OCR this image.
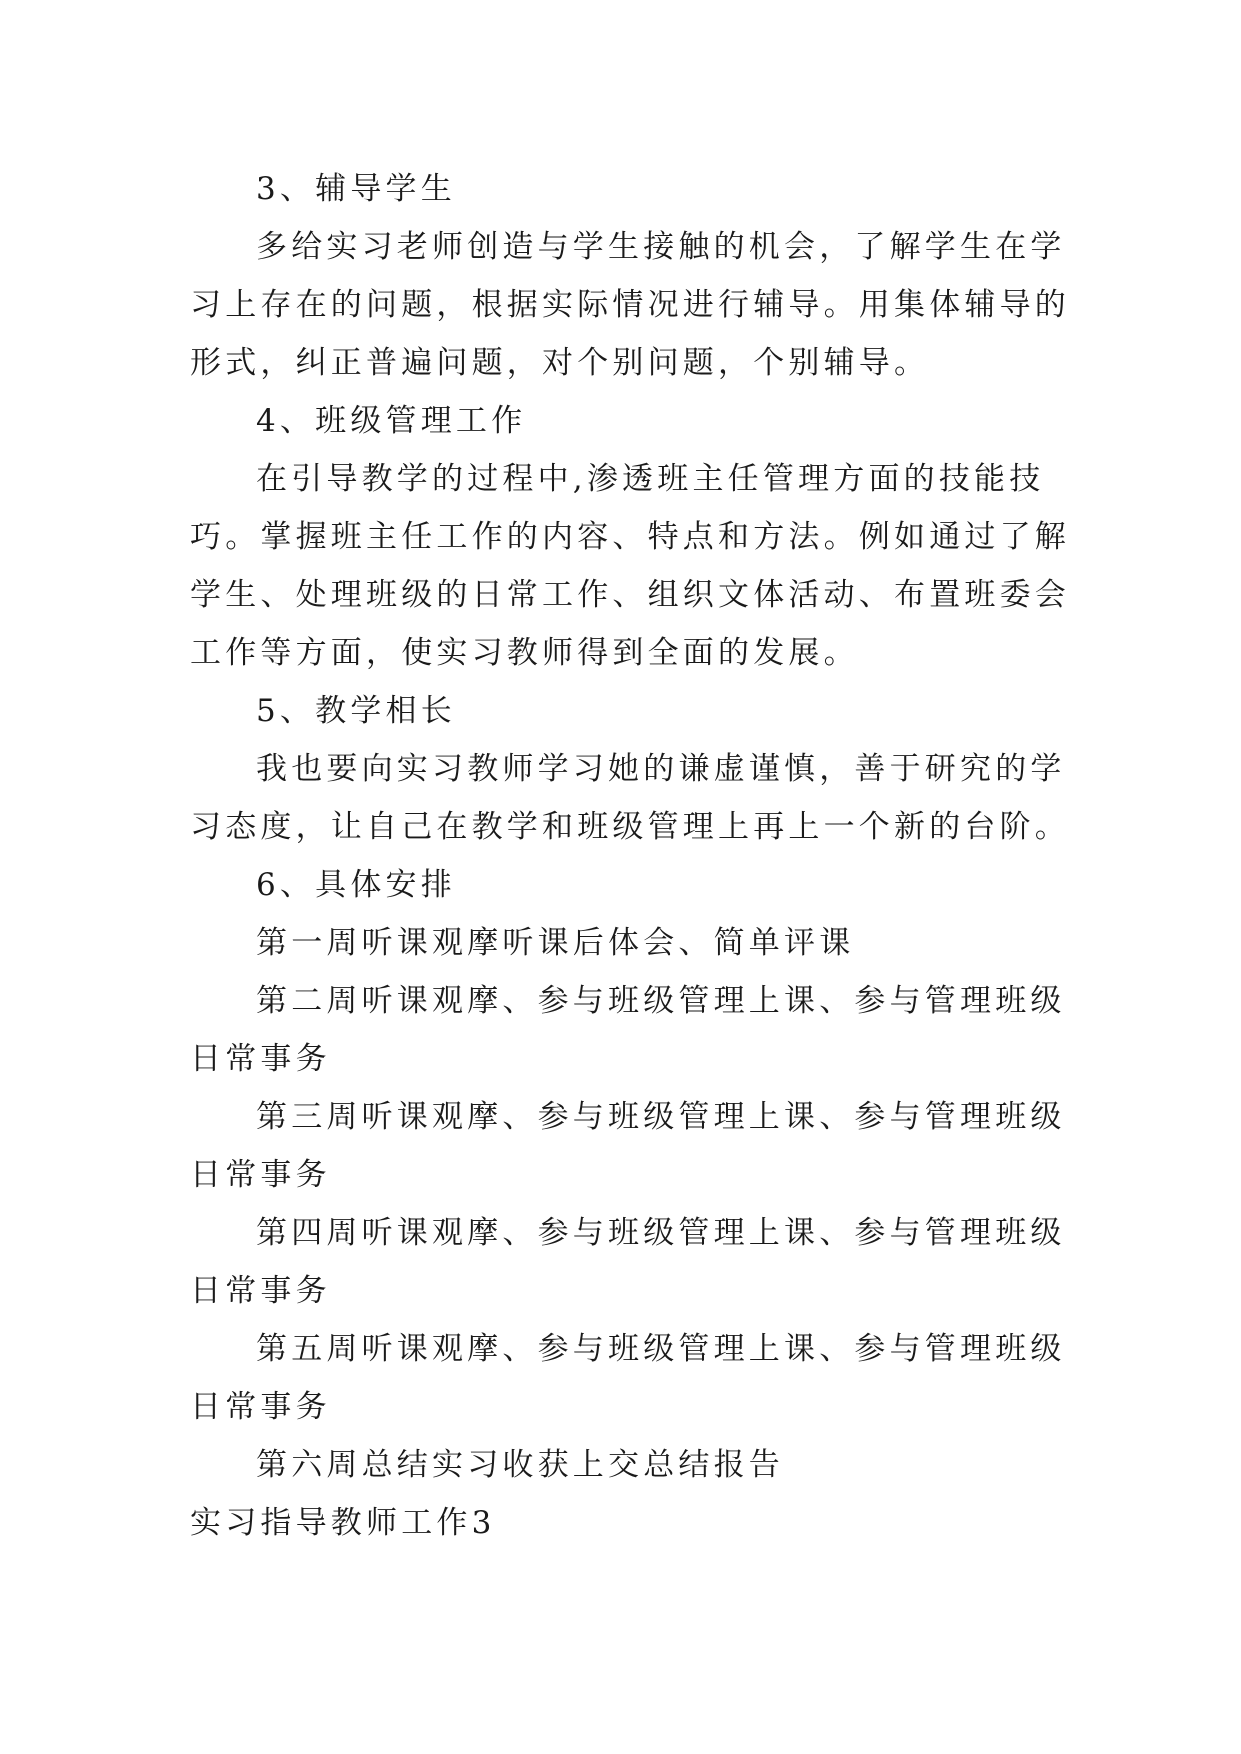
3、辅导学生

多给实习老师创造与学生接触的机会，了解学生在学习上存在的问题，根据实际情况进行辅导。用集体辅导的形式，纠正普遍问题，对个别问题，个别辅导。

4、班级管理工作

在引导教学的过程中,渗透班主任管理方面的技能技巧。掌握班主任工作的内容、特点和方法。例如通过了解学生、处理班级的日常工作、组织文体活动、布置班委会工作等方面，使实习教师得到全面的发展。

5、教学相长

我也要向实习教师学习她的谦虚谨慎，善于研究的学习态度，让自己在教学和班级管理上再上一个新的台阶。

6、具体安排

第一周听课观摩听课后体会、简单评课

第二周听课观摩、参与班级管理上课、参与管理班级日常事务

第三周听课观摩、参与班级管理上课、参与管理班级日常事务

第四周听课观摩、参与班级管理上课、参与管理班级日常事务

第五周听课观摩、参与班级管理上课、参与管理班级日常事务

第六周总结实习收获上交总结报告

实习指导教师工作3
